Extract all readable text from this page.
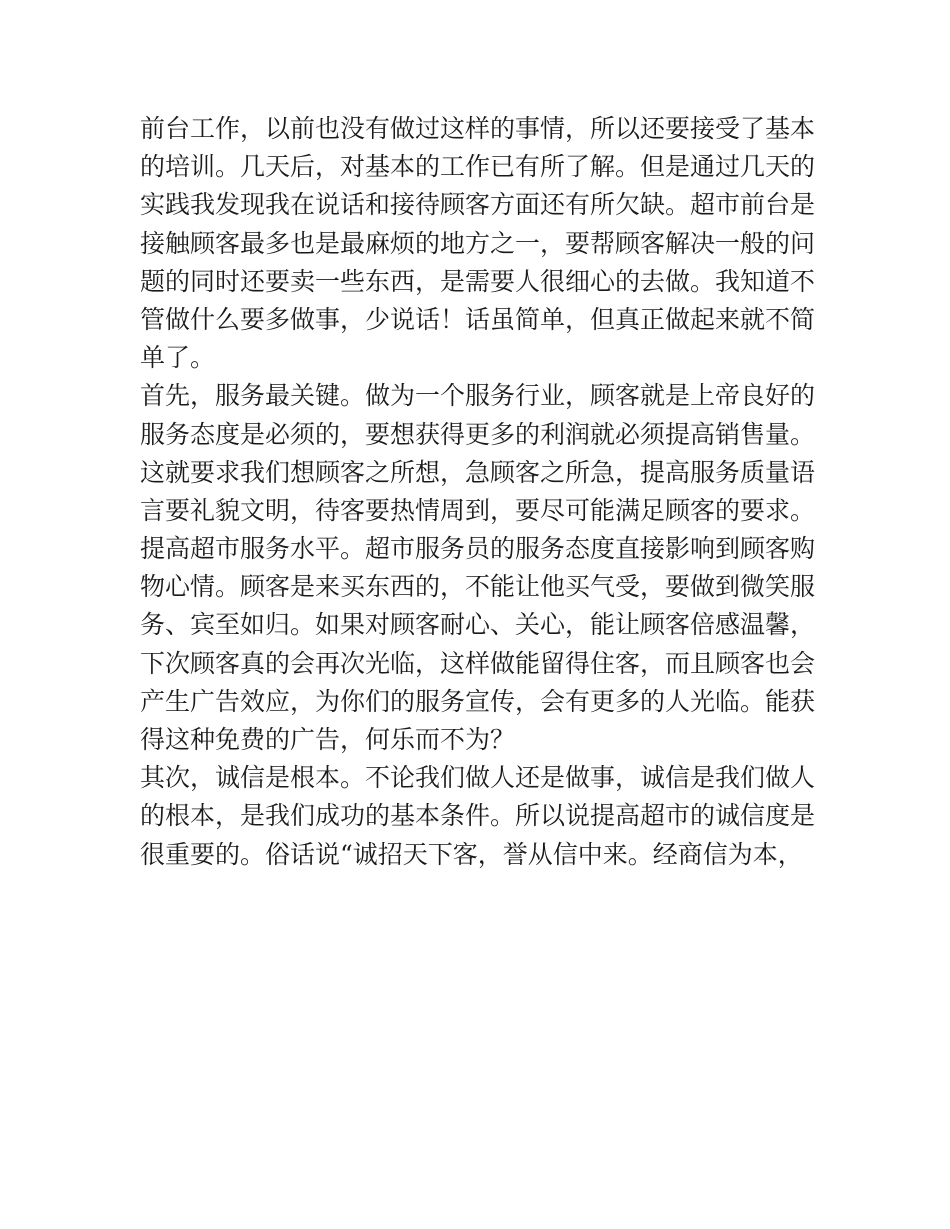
前台工作，以前也没有做过这样的事情，所以还要接受了基本
的培训。几天后，对基本的工作已有所了解。但是通过几天的
实践我发现我在说话和接待顾客方面还有所欠缺。超市前台是
接触顾客最多也是最麻烦的地方之一，要帮顾客解决一般的问
题的同时还要卖一些东西，是需要人很细心的去做。我知道不
管做什么要多做事，少说话！话虽简单，但真正做起来就不简
单了。
首先，服务最关键。做为一个服务行业，顾客就是上帝良好的
服务态度是必须的，要想获得更多的利润就必须提高销售量。
这就要求我们想顾客之所想，急顾客之所急，提高服务质量语
言要礼貌文明，待客要热情周到，要尽可能满足顾客的要求。
提高超市服务水平。超市服务员的服务态度直接影响到顾客购
物心情。顾客是来买东西的，不能让他买气受，要做到微笑服
务、宾至如归。如果对顾客耐心、关心，能让顾客倍感温馨，
下次顾客真的会再次光临，这样做能留得住客，而且顾客也会
产生广告效应，为你们的服务宣传，会有更多的人光临。能获
得这种免费的广告，何乐而不为？
其次，诚信是根本。不论我们做人还是做事，诚信是我们做人
的根本，是我们成功的基本条件。所以说提高超市的诚信度是
很重要的。俗话说“诚招天下客，誉从信中来。经商信为本，
